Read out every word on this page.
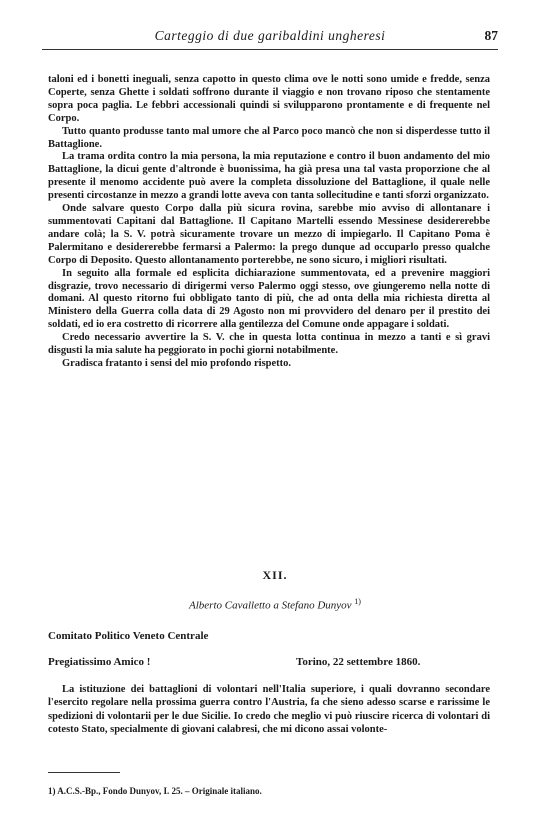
Carteggio di due garibaldini ungheresi	87

taloni ed i bonetti ineguali, senza capotto in questo clima ove le notti sono umide e fredde, senza Coperte, senza Ghette i soldati soffrono durante il viaggio e non trovano riposo che stentamente sopra poca paglia. Le febbri accessionali quindi si svilupparono prontamente e di frequente nel Corpo.

Tutto quanto produsse tanto mal umore che al Parco poco mancò che non si disperdesse tutto il Battaglione.

La trama ordita contro la mia persona, la mia reputazione e contro il buon andamento del mio Battaglione, la dicui gente d'altronde è buonissima, ha già presa una tal vasta proporzione che al presente il menomo accidente può avere la completa dissoluzione del Battaglione, il quale nelle presenti circostanze in mezzo a grandi lotte aveva con tanta sollecitudine e tanti sforzi organizzato.

Onde salvare questo Corpo dalla più sicura rovina, sarebbe mio avviso di allontanare i summentovati Capitani dal Battaglione. Il Capitano Martelli essendo Messinese desidererebbe andare colà; la S. V. potrà sicuramente trovare un mezzo di impiegarlo. Il Capitano Poma è Palermitano e desidererebbe fermarsi a Palermo: la prego dunque ad occuparlo presso qualche Corpo di Deposito. Questo allontanamento porterebbe, ne sono sicuro, i migliori risultati.

In seguito alla formale ed esplicita dichiarazione summentovata, ed a prevenire maggiori disgrazie, trovo necessario di dirigermi verso Palermo oggi stesso, ove giungeremo nella notte di domani. Al questo ritorno fui obbligato tanto di più, che ad onta della mia richiesta diretta al Ministero della Guerra colla data di 29 Agosto non mi provvidero del denaro per il prestito dei soldati, ed io era costretto di ricorrere alla gentilezza del Comune onde appagare i soldati.

Credo necessario avvertire la S. V. che in questa lotta continua in mezzo a tanti e sì gravi disgusti la mia salute ha peggiorato in pochi giorni notabilmente.

Gradisca fratanto i sensi del mio profondo rispetto.

XII.
Alberto Cavalletto a Stefano Dunyov $^{1)}$
Comitato Politico Veneto Centrale
Pregiatissimo Amico !	Torino, 22 settembre 1860.

La istituzione dei battaglioni di volontari nell'Italia superiore, i quali dovranno secondare l'esercito regolare nella prossima guerra contro l'Austria, fa che sieno adesso scarse e rarissime le spedizioni di volontarii per le due Sicilie. Io credo che meglio vi può riuscire ricerca di volontari di cotesto Stato, specialmente di giovani calabresi, che mi dicono assai volonte-

1) A.C.S.-Bp., Fondo Dunyov, I. 25. – Originale italiano.
